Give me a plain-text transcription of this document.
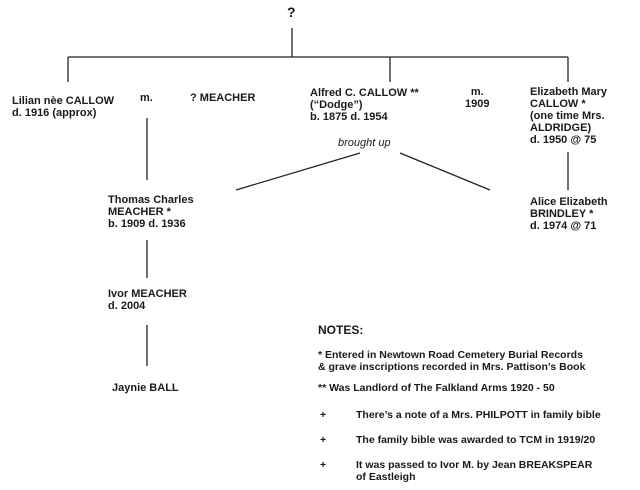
?
Lilian nèe CALLOW
d. 1916 (approx)
m.	? MEACHER	Alfred C. CALLOW **
(“Dodge”)
b. 1875 d. 1954
m.
1909
Elizabeth Mary
CALLOW *
(one time Mrs.
ALDRIDGE)
d. 1950 @ 75
brought up
Thomas Charles
MEACHER *
b. 1909 d. 1936
Alice Elizabeth
BRINDLEY *
d. 1974 @ 71
Ivor MEACHER
d. 2004
Jaynie BALL
NOTES:
* Entered in Newtown Road Cemetery Burial Records
& grave inscriptions recorded in Mrs. Pattison’s Book
** Was Landlord of The Falkland Arms 1920 - 50
+	There’s a note of a Mrs. PHILPOTT in family bible
+	The family bible was awarded to TCM in 1919/20
+	It was passed to Ivor M. by Jean BREAKSPEAR
of Eastleigh
